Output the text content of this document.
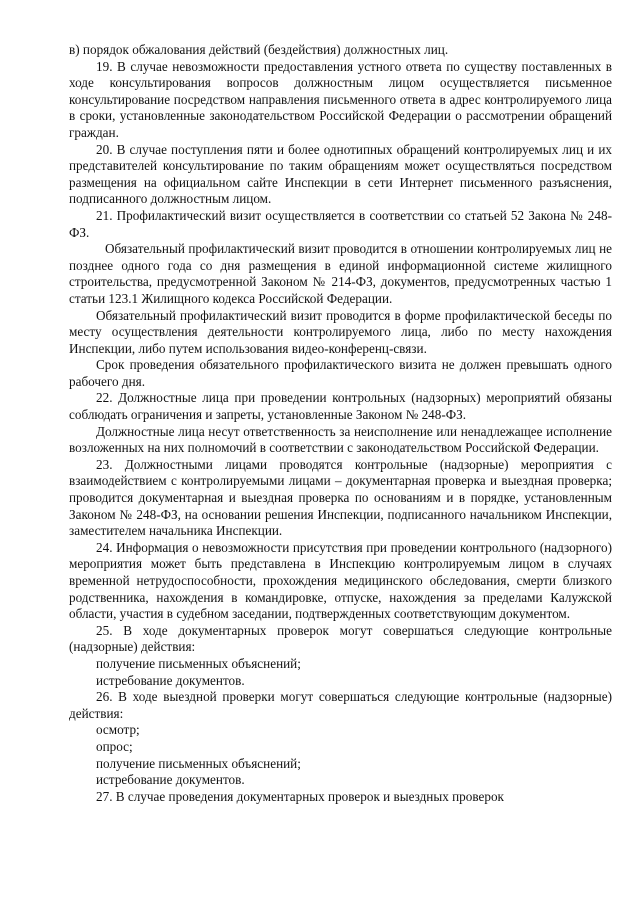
в) порядок обжалования действий (бездействия) должностных лиц.

19. В случае невозможности предоставления устного ответа по существу поставленных в ходе консультирования вопросов должностным лицом осуществляется письменное консультирование посредством направления письменного ответа в адрес контролируемого лица в сроки, установленные законодательством Российской Федерации о рассмотрении обращений граждан.

20. В случае поступления пяти и более однотипных обращений контролируемых лиц и их представителей консультирование по таким обращениям может осуществляться посредством размещения на официальном сайте Инспекции в сети Интернет письменного разъяснения, подписанного должностным лицом.

21. Профилактический визит осуществляется в соответствии со статьей 52 Закона № 248-ФЗ.

Обязательный профилактический визит проводится в отношении контролируемых лиц не позднее одного года со дня размещения в единой информационной системе жилищного строительства, предусмотренной Законом № 214-ФЗ, документов, предусмотренных частью 1 статьи 123.1 Жилищного кодекса Российской Федерации.

Обязательный профилактический визит проводится в форме профилактической беседы по месту осуществления деятельности контролируемого лица, либо по месту нахождения Инспекции, либо путем использования видео-конференц-связи.

Срок проведения обязательного профилактического визита не должен превышать одного рабочего дня.

22. Должностные лица при проведении контрольных (надзорных) мероприятий обязаны соблюдать ограничения и запреты, установленные Законом № 248-ФЗ.

Должностные лица несут ответственность за неисполнение или ненадлежащее исполнение возложенных на них полномочий в соответствии с законодательством Российской Федерации.

23. Должностными лицами проводятся контрольные (надзорные) мероприятия с взаимодействием с контролируемыми лицами – документарная проверка и выездная проверка; проводится документарная и выездная проверка по основаниям и в порядке, установленным Законом № 248-ФЗ, на основании решения Инспекции, подписанного начальником Инспекции, заместителем начальника Инспекции.

24. Информация о невозможности присутствия при проведении контрольного (надзорного) мероприятия может быть представлена в Инспекцию контролируемым лицом в случаях временной нетрудоспособности, прохождения медицинского обследования, смерти близкого родственника, нахождения в командировке, отпуске, нахождения за пределами Калужской области, участия в судебном заседании, подтвержденных соответствующим документом.

25. В ходе документарных проверок могут совершаться следующие контрольные (надзорные) действия:

получение письменных объяснений;

истребование документов.

26. В ходе выездной проверки могут совершаться следующие контрольные (надзорные) действия:

осмотр;

опрос;

получение письменных объяснений;

истребование документов.

27. В случае проведения документарных проверок и выездных проверок
